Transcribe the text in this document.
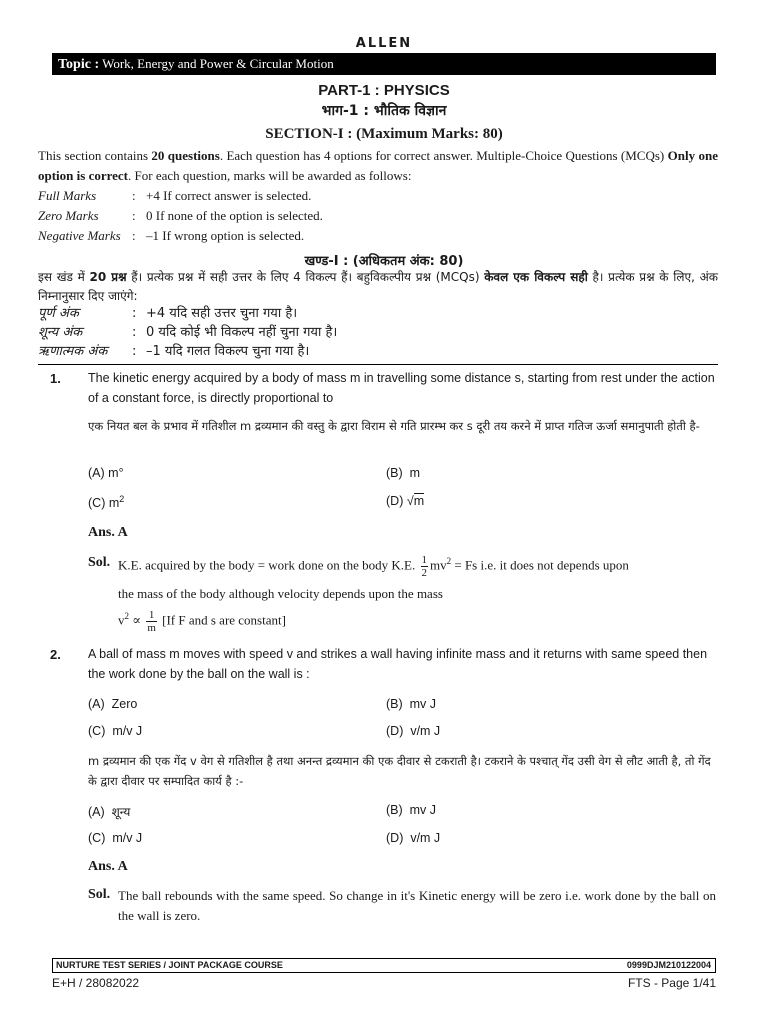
ALLEN
Topic : Work, Energy and Power & Circular Motion
PART-1 : PHYSICS
भाग-1 : भौतिक विज्ञान
SECTION-I : (Maximum Marks: 80)
This section contains 20 questions. Each question has 4 options for correct answer. Multiple-Choice Questions (MCQs) Only one option is correct. For each question, marks will be awarded as follows:
Full Marks	: +4 If correct answer is selected.
Zero Marks	: 0 If none of the option is selected.
Negative Marks : –1 If wrong option is selected.
खण्ड-I : (अधिकतम अंक: 80)
इस खंड में 20 प्रश्न हैं। प्रत्येक प्रश्न में सही उत्तर के लिए 4 विकल्प हैं। बहुविकल्पीय प्रश्न (MCQs) केवल एक विकल्प सही है। प्रत्येक प्रश्न के लिए, अंक निम्नानुसार दिए जाएंगे:
पूर्ण अंक	: +4 यदि सही उत्तर चुना गया है।
शून्य अंक	: 0 यदि कोई भी विकल्प नहीं चुना गया है।
ऋणात्मक अंक : –1 यदि गलत विकल्प चुना गया है।
1. The kinetic energy acquired by a body of mass m in travelling some distance s, starting from rest under the action of a constant force, is directly proportional to
एक नियत बल के प्रभाव में गतिशील m द्रव्यमान की वस्तु के द्वारा विराम से गति प्रारम्भ कर s दूरी तय करने में प्राप्त गतिज ऊर्जा समानुपाती होती है-
(A) m°	(B) m
(C) $m^2$	(D) √m
Ans. A
Sol. K.E. acquired by the body = work done on the body K.E. $\frac{1}{2} mv^2 = Fs$ i.e. it does not depends upon
the mass of the body although velocity depends upon the mass
$v^2 \propto \frac{1}{m} [If$ F and s are constant]
2. A ball of mass m moves with speed v and strikes a wall having infinite mass and it returns with same speed then the work done by the ball on the wall is :
(A) Zero	(B) mv J
(C) m/v J	(D) v/m J
m द्रव्यमान की एक गेंद v वेग से गतिशील है तथा अनन्त द्रव्यमान की एक दीवार से टकराती है। टकराने के पश्चात् गेंद उसी वेग से लौट आती है, तो गेंद के द्वारा दीवार पर सम्पादित कार्य है :-
(A) शून्य	(B) mv J
(C) m/v J	(D) v/m J
Ans. A
Sol. The ball rebounds with the same speed. So change in it's Kinetic energy will be zero i.e. work done by the ball on the wall is zero.
NURTURE TEST SERIES / JOINT PACKAGE COURSE	0999DJM210122004
E+H / 28082022	FTS - Page 1/41
